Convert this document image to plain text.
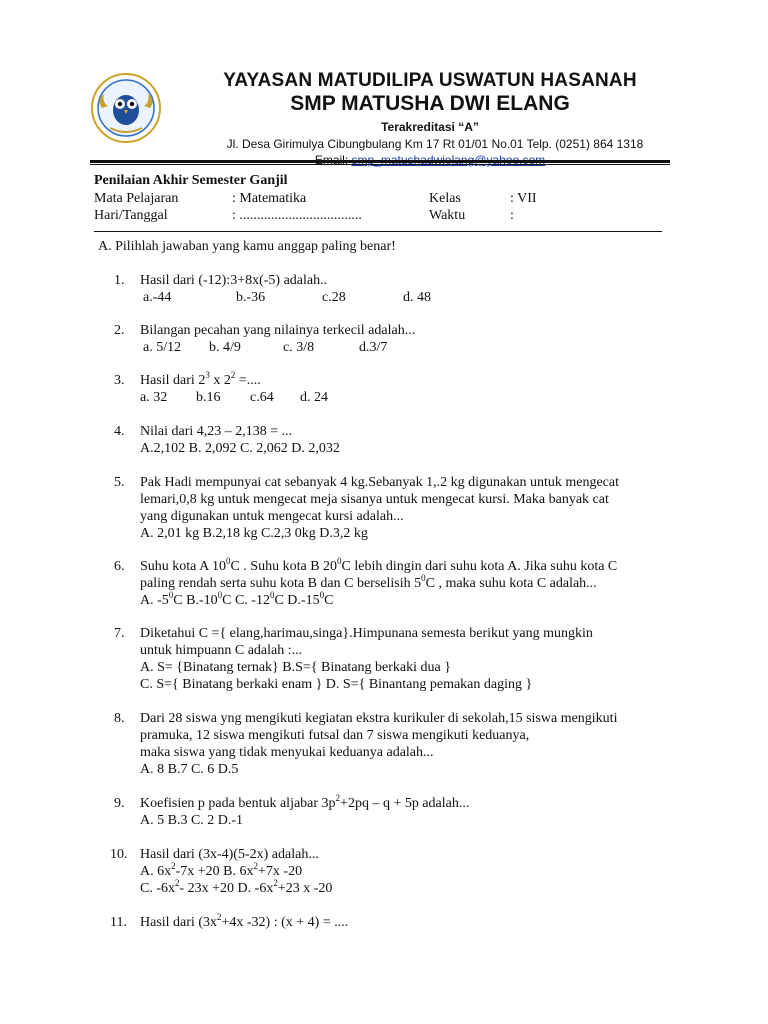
YAYASAN MATUDILIPA USWATUN HASANAH
SMP MATUSHA DWI ELANG
Terakreditasi “A”
Jl. Desa Girimulya Cibungbulang Km 17 Rt 01/01 No.01 Telp. (0251) 864 1318
Penilaian Akhir Semester Ganjil
Mata Pelajaran	: Matematika	Kelas	: VII
Hari/Tanggal	: ...................................	Waktu	:
A. Pilihlah jawaban yang kamu anggap paling benar!
1. Hasil dari (-12):3+8x(-5) adalah..
a.-44	b.-36	c.28	d. 48
2. Bilangan pecahan yang nilainya terkecil adalah...
a. 5/12 b. 4/9	c. 3/8	d.3/7
3. Hasil dari $2^3$ x $2^2$ =....
a. 32 b.16 c.64 d. 24
4. Nilai dari 4,23 – 2,138 = ...
A.2,102 B. 2,092 C. 2,062 D. 2,032
5. Pak Hadi mempunyai cat sebanyak 4 kg.Sebanyak 1,.2 kg digunakan untuk mengecat
lemari,0,8 kg untuk mengecat meja sisanya untuk mengecat kursi. Maka banyak cat
yang digunakan untuk mengecat kursi adalah...
A. 2,01 kg B.2,18 kg C.2,3 0kg D.3,2 kg
6. Suhu kota A $10^0C$ . Suhu kota B $20^0C$ lebih dingin dari suhu kota A. Jika suhu kota C
paling rendah serta suhu kota B dan C berselisih $5^0C$ , maka suhu kota C adalah...
A. $-5^0C$ $B.-10^0C$ C. $-12^0C$ $D.-15^0C$
7. Diketahui C ={ elang,harimau,singa}.Himpunana semesta berikut yang mungkin
untuk himpuann C adalah :...
A. S= {Binatang ternak} B.S={ Binatang berkaki dua }
C. S={ Binatang berkaki enam } D. S={ Binantang pemakan daging }
8. Dari 28 siswa yng mengikuti kegiatan ekstra kurikuler di sekolah,15 siswa mengikuti
pramuka, 12 siswa mengikuti futsal dan 7 siswa mengikuti keduanya,
maka siswa yang tidak menyukai keduanya adalah...
A. 8 B.7 C. 6 D.5
9. Koefisien p pada bentuk aljabar $3p^2+2pq - q + 5p$ adalah...
A. 5 B.3 C. 2 D.-1
10. Hasil dari (3x-4)(5-2x) adalah...
A. $6x^2-7x +20$ B. $6x^2+7x$ -20
C. $-6x^2-$ 23x +20 D. $-6x^2+23$ x -20
11. Hasil dari ($3x^2+4x$ -32) : (x + 4) = ....
